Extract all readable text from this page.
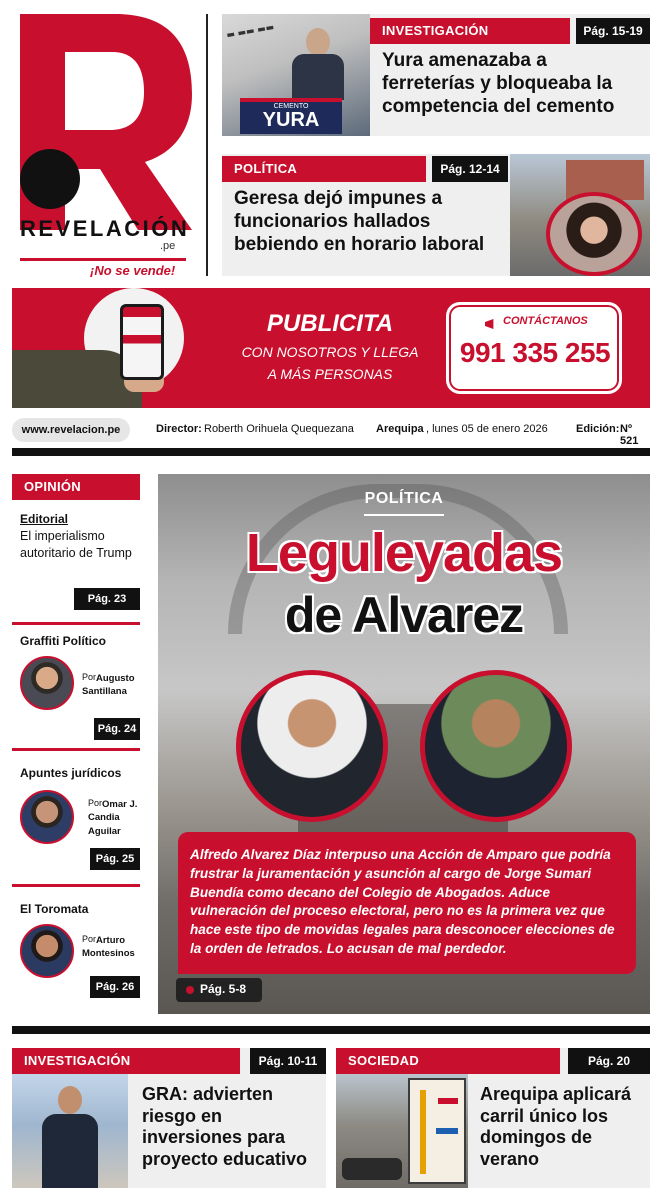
REVELACIÓN
.pe
¡No se vende!
▬ ▬▬ ▬▬
CEMENTO
YURA
INVESTIGACIÓN	Pág. 15-19
Yura amenazaba a ferreterías y bloqueaba la competencia del cemento
POLÍTICA	Pág. 12-14
Geresa dejó impunes a funcionarios hallados bebiendo en horario laboral
PUBLICITA
CON NOSOTROS Y LLEGA
A MÁS PERSONAS
CONTÁCTANOS
991 335 255
www.revelacion.pe	Director: Roberth Orihuela Quequezana Arequipa , lunes 05 de enero 2026	Edición: Nº 521
OPINIÓN
Editorial
El imperialismo autoritario de Trump
Pág. 23
Graffiti Político
Por Augusto Santillana
Pág. 24
Apuntes jurídicos
Por Omar J. Candia Aguilar
Pág. 25
El Toromata
Por Arturo Montesinos
Pág. 26
POLÍTICA
Leguleyadas
de Alvarez
Alfredo Alvarez Díaz interpuso una Acción de Amparo que podría frustrar la juramentación y asunción al cargo de Jorge Sumari Buendía como decano del Colegio de Abogados. Aduce vulneración del proceso electoral, pero no es la primera vez que hace este tipo de movidas legales para desconocer elecciones de la orden de letrados. Lo acusan de mal perdedor.
Pág. 5-8
INVESTIGACIÓN	Pág. 10-11
GRA: advierten riesgo en inversiones para proyecto educativo
SOCIEDAD	Pág. 20
Arequipa aplicará carril único los domingos de verano
